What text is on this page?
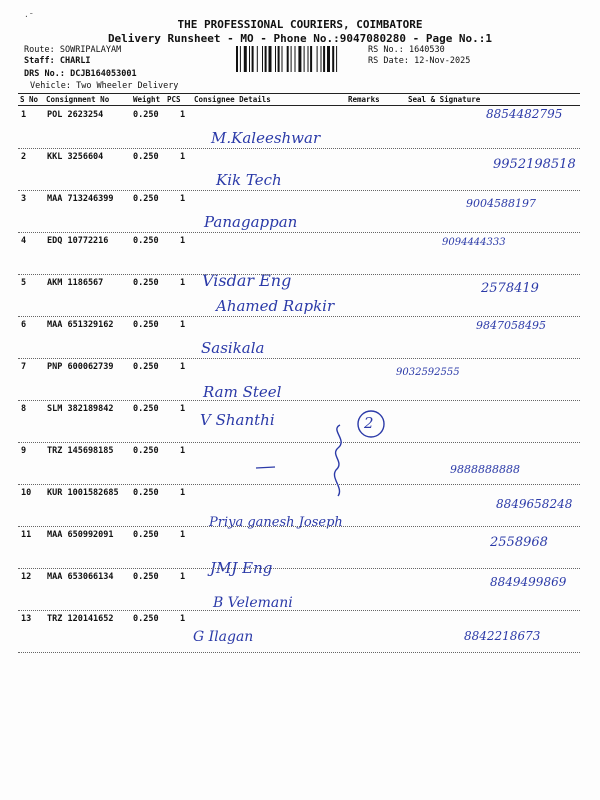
·̄
THE PROFESSIONAL COURIERS, COIMBATORE
Delivery Runsheet - MO - Phone No.:9047080280 - Page No.:1
Route: SOWRIPALAYAM
Staff: CHARLI
DRS No.: DCJB164053001
Vehicle: Two Wheeler Delivery
RS No.: 1640530
RS Date: 12-Nov-2025
S No Consignment No	Weight PCS Consignee Details	Remarks	Seal & Signature
1 POL 2623254	0.250	1
M.Kaleeshwar
8854482795
2 KKL 3256604	0.250	1
Kik Tech
9952198518
3 MAA 713246399 0.250	1
Panagappan
9004588197
4 EDQ 10772216	0.250	1
Visdar Eng
9094444333
5 AKM 1186567	0.250	1
Ahamed Rapkir
2578419
6 MAA 651329162 0.250	1
Sasikala
9847058495
7 PNP 600062739 0.250	1
Ram Steel
9032592555
8 SLM 382189842 0.250	1
V Shanthi
9 TRZ 145698185 0.250	1
9888888888
10 KUR 1001582685 0.250	1
Priya ganesh Joseph
8849658248
11 MAA 650992091 0.250	1
JMJ Eng
2558968
12 MAA 653066134 0.250	1
B Velemani
8849499869
13 TRZ 120141652 0.250	1
G Ilagan	8842218673
2
